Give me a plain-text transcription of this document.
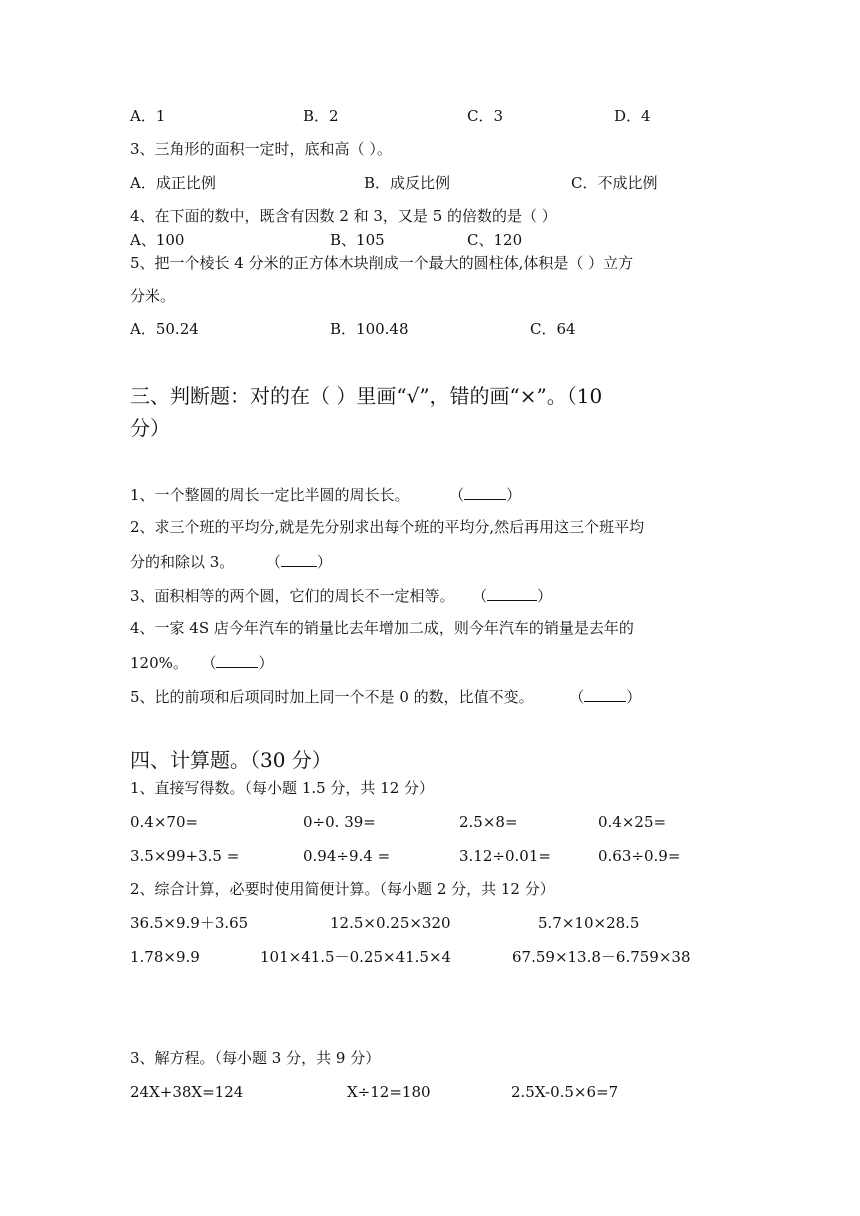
A．1	B．2	C．3	D．4
3、三角形的面积一定时，底和高（ ）。
A．成正比例	B．成反比例	C．不成比例
4、在下面的数中，既含有因数 2 和 3，又是 5 的倍数的是（ ）
A、100	B、105	C、120
5、把一个棱长 4 分米的正方体木块削成一个最大的圆柱体,体积是（ ）立方
分米。
A．50.24	B．100.48	C．64
三、判断题：对的在（ ）里画“√”，错的画“×”。（10
分）
1、一个整圆的周长一定比半圆的周长长。	（	）
2、求三个班的平均分,就是先分别求出每个班的平均分,然后再用这三个班平均
分的和除以 3。 （ ）
3、面积相等的两个圆，它们的周长不一定相等。 （	）
4、一家 4S 店今年汽车的销量比去年增加二成，则今年汽车的销量是去年的
120%。 （	）
5、比的前项和后项同时加上同一个不是 0 的数，比值不变。 （	）
四、计算题。（30 分）
1、直接写得数。（每小题 1.5 分，共 12 分）
0.4×70=	0÷0. 39=	2.5×8=	0.4×25=
3.5×99+3.5 =	0.94÷9.4 =	3.12÷0.01=	0.63÷0.9=
2、综合计算，必要时使用简便计算。（每小题 2 分，共 12 分）
36.5×9.9＋3.65	12.5×0.25×320	5.7×10×28.5
1.78×9.9	101×41.5－0.25×41.5×4	67.59×13.8－6.759×38
3、解方程。（每小题 3 分，共 9 分）
24X+38X=124	X÷12=180	2.5X-0.5×6=7
